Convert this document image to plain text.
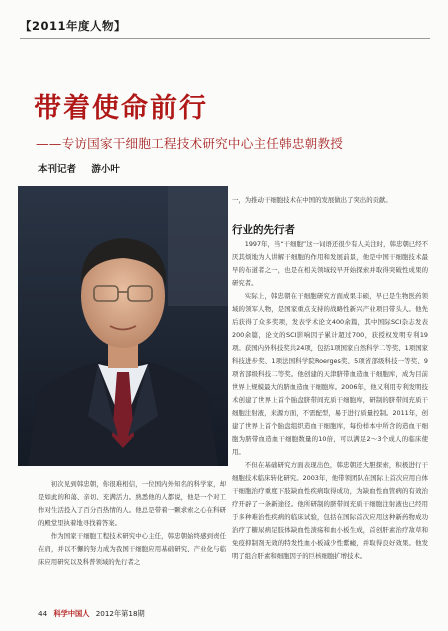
【2011年度人物】
带着使命前行
——专访国家干细胞工程技术研究中心主任韩忠朝教授
本刊记者 游小叶
一，为推动干细胞技术在中国的发展做出了突出的贡献。
行业的先行者

1997年，当“干细胞”这一词语还很少有人关注时，韩忠朝已经不厌其烦地为人讲解干细胞的作用和发展前景，他是中国干细胞技术最早的布道者之一，也是在相关领域较早开始探索并取得突破性成果的研究者。

实际上，韩忠朝在干细胞研究方面成果丰硕，早已是生物医药领域的领军人物，是国家重点支持的战略性新兴产业项目带头人。他先后获得了众多奖项，发表学术论文400余篇，其中国际SCI杂志发表200余篇，论文的SCI影响因子累计超过700，获授权发明专利19项。获国内外科技奖共24项，包括1项国家自然科学二等奖、1项国家科技进步奖、1项法国科学院Roerges奖、5项省部级科技一等奖、9项省部级科技二等奖。他创建的天津脐带血造血干细胞库，成为目前世界上规模最大的脐血造血干细胞库。2006年，他又利用专利发明技术创建了世界上首个胎盘脐带间充质干细胞库，研制的脐带间充质干细胞注射液，来源方面，不需配型，易于进行质量控制。2011年，创建了世界上首个胎盘组织造血干细胞库，每份样本中所含的造血干细胞为脐带血造血干细胞数量的10倍，可以满足2～3个成人的临床使用。

不但在基础研究方面表现出色，韩忠朝还大胆探索，积极进行干细胞技术临床转化研究。2003年，他带领团队在国际上首次应用自体干细胞治疗重度下肢缺血性疾病取得成功，为缺血性血管病的有效治疗开辟了一条新途径。他所研制的脐带间充质干细胞注射液也已经用于多种难治性疾病的临床试验，包括在国际首次应用这种新药物成功治疗了糖尿病足肢体缺血性溃疡和血小板生成，首创肝素治疗敌草和免疫抑制剂无效的特发性血小板减少性紫癜，并取得良好效果。他发明了组合肝素和细胞因子的巨核细胞扩增技术。

初次见到韩忠朝，你很难相信，一位国内外知名的科学家，却是如此的和蔼、亲切、充满活力。熟悉他的人都说，他是一个对工作对生活投入了百分百热情的人。他总是带着一颗求索之心在科研的殿堂里执着地寻找着答案。

作为国家干细胞工程技术研究中心主任，韩忠朝始终感到责任在肩，并以不懈的努力成为我国干细胞应用基础研究、产业化与临床应用研究以及科普领域的先行者之

44 科学中国人 2012年第18期
